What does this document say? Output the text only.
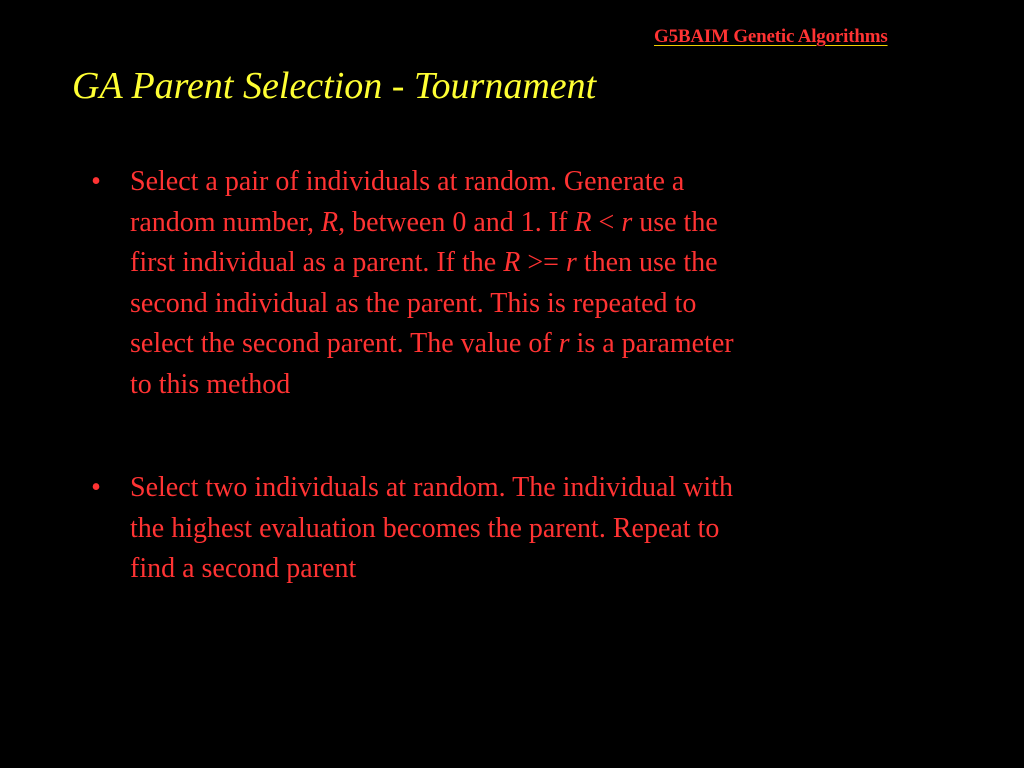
G5BAIM Genetic Algorithms
GA Parent Selection - Tournament
• Select a pair of individuals at random. Generate a
random number, R, between 0 and 1. If R < r use the
first individual as a parent. If the R >= r then use the
second individual as the parent. This is repeated to
select the second parent. The value of r is a parameter
to this method
• Select two individuals at random. The individual with
the highest evaluation becomes the parent. Repeat to
find a second parent
